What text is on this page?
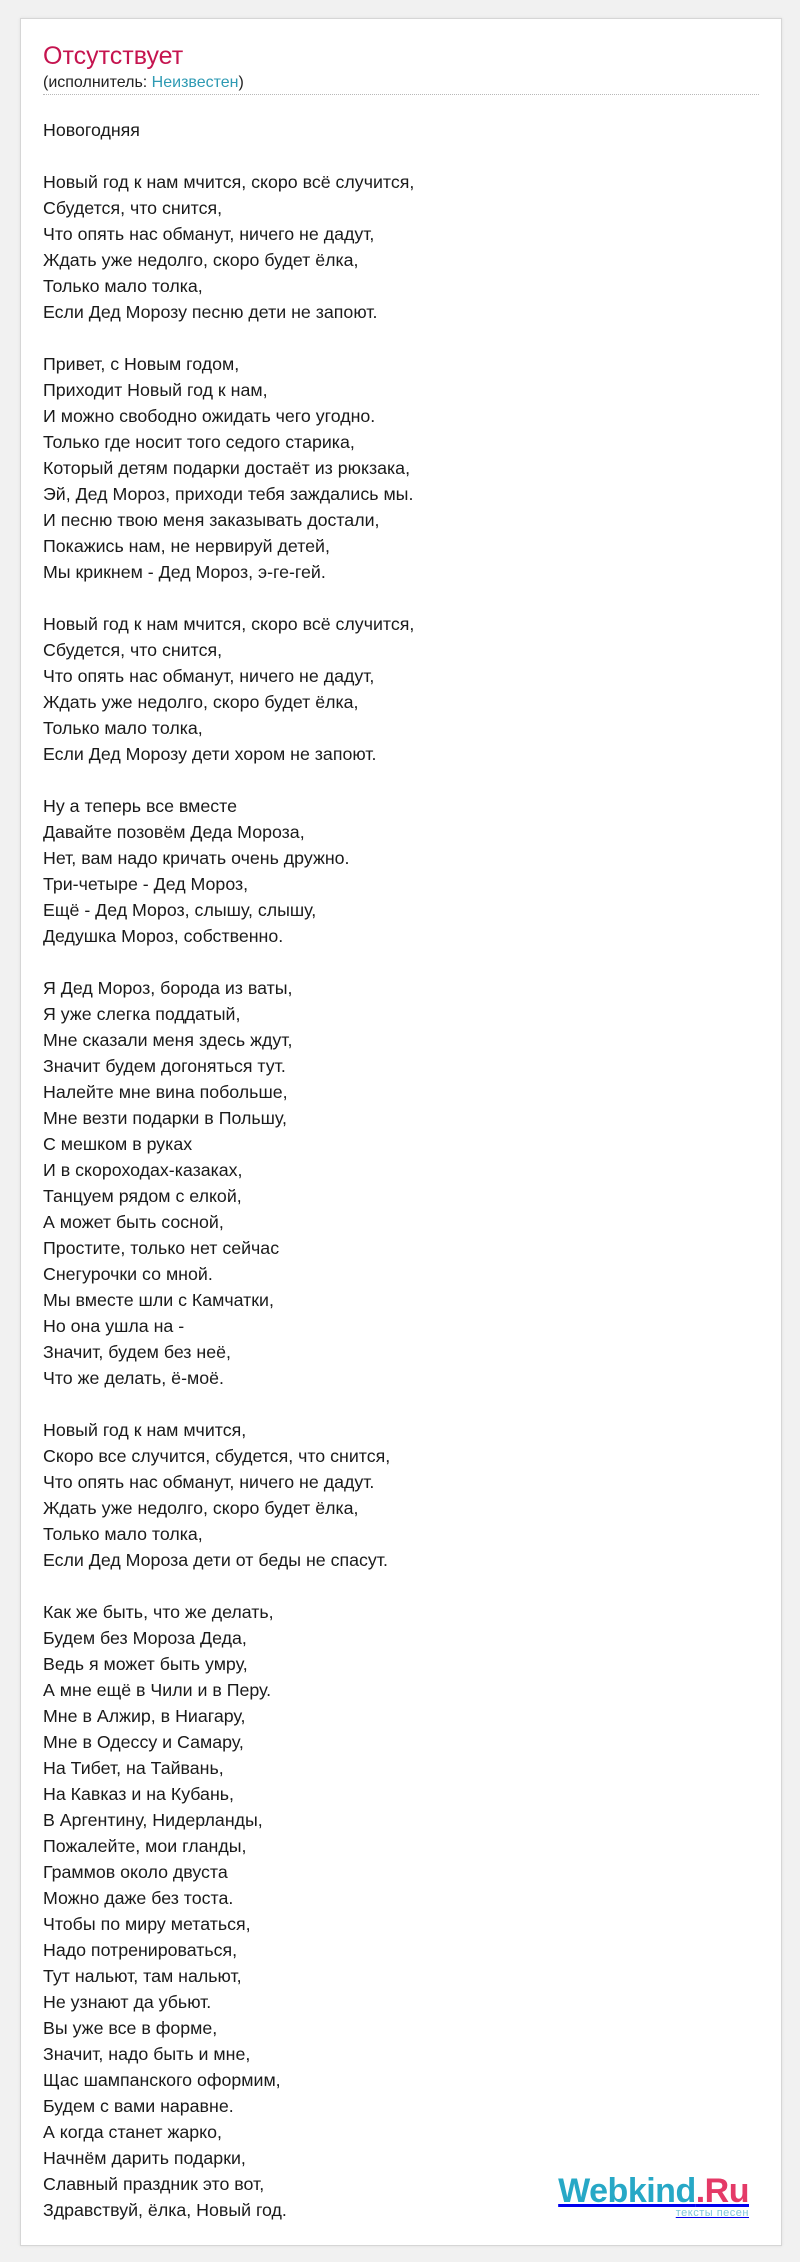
Отсутствует
(исполнитель: Неизвестен)
Новогодняя

Новый год к нам мчится, скоро всё случится,
Сбудется, что снится,
Что опять нас обманут, ничего не дадут,
Ждать уже недолго, скоро будет ёлка,
Только мало толка,
Если Дед Морозу песню дети не запоют.

Привет, с Новым годом,
Приходит Новый год к нам,
И можно свободно ожидать чего угодно.
Только где носит того седого старика,
Который детям подарки достаёт из рюкзака,
Эй, Дед Мороз, приходи тебя заждались мы.
И песню твою меня заказывать достали,
Покажись нам, не нервируй детей,
Мы крикнем - Дед Мороз, э-ге-гей.

Новый год к нам мчится, скоро всё случится,
Сбудется, что снится,
Что опять нас обманут, ничего не дадут,
Ждать уже недолго, скоро будет ёлка,
Только мало толка,
Если Дед Морозу дети хором не запоют.

Ну а теперь все вместе
Давайте позовём Деда Мороза,
Нет, вам надо кричать очень дружно.
Три-четыре - Дед Мороз,
Ещё - Дед Мороз, слышу, слышу,
Дедушка Мороз, собственно.

Я Дед Мороз, борода из ваты,
Я уже слегка поддатый,
Мне сказали меня здесь ждут,
Значит будем догоняться тут.
Налейте мне вина побольше,
Мне везти подарки в Польшу,
С мешком в руках
И в скороходах-казаках,
Танцуем рядом с елкой,
А может быть сосной,
Простите, только нет сейчас
Снегурочки со мной.
Мы вместе шли с Камчатки,
Но она ушла на -
Значит, будем без неё,
Что же делать, ё-моё.

Новый год к нам мчится,
Скоро все случится, сбудется, что снится,
Что опять нас обманут, ничего не дадут.
Ждать уже недолго, скоро будет ёлка,
Только мало толка,
Если Дед Мороза дети от беды не спасут.

Как же быть, что же делать,
Будем без Мороза Деда,
Ведь я может быть умру,
А мне ещё в Чили и в Перу.
Мне в Алжир, в Ниагару,
Мне в Одессу и Самару,
На Тибет, на Тайвань,
На Кавказ и на Кубань,
В Аргентину, Нидерланды,
Пожалейте, мои гланды,
Граммов около двуста
Можно даже без тоста.
Чтобы по миру метаться,
Надо потренироваться,
Тут нальют, там нальют,
Не узнают да убьют.
Вы уже все в форме,
Значит, надо быть и мне,
Щас шампанского оформим,
Будем с вами наравне.
А когда станет жарко,
Начнём дарить подарки,
Славный праздник это вот,
Здравствуй, ёлка, Новый год.	Webkind.Ru
тексты песен
